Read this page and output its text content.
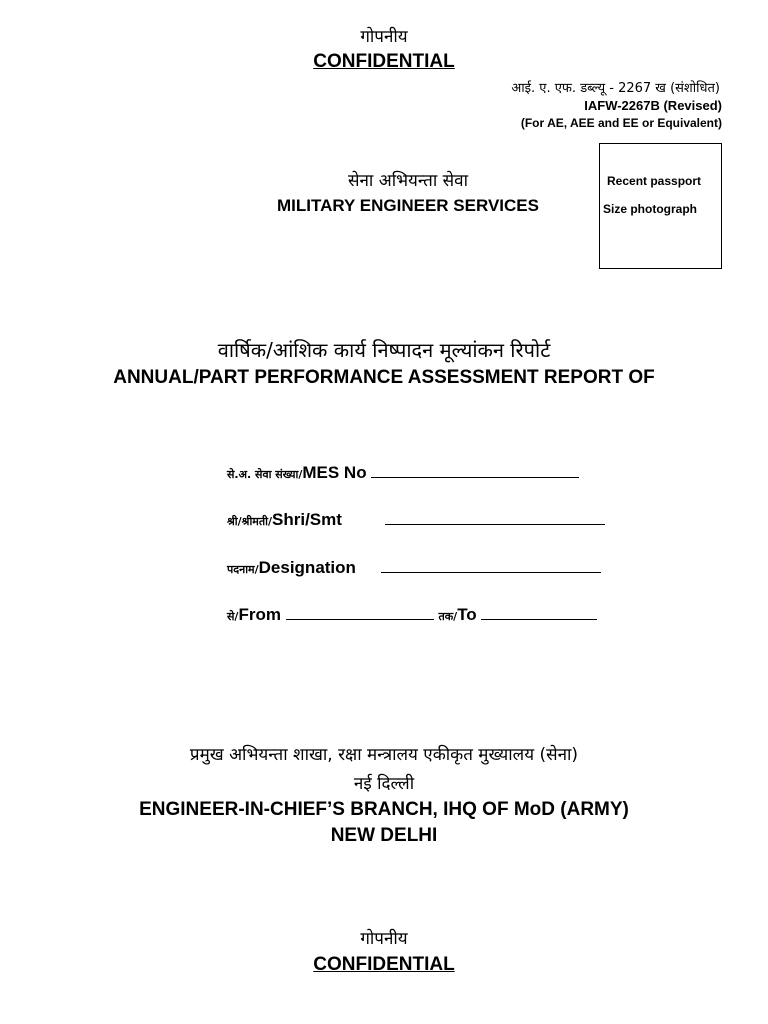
गोपनीय
CONFIDENTIAL
आई. ए. एफ. डब्ल्यू - 2267 ख (संशोधित)
IAFW-2267B (Revised)
(For AE, AEE and EE or Equivalent)
सेना अभियन्ता सेवा
MILITARY ENGINEER SERVICES
Recent passport
Size photograph
वार्षिक/आंशिक कार्य निष्पादन मूल्यांकन रिपोर्ट
ANNUAL/PART PERFORMANCE ASSESSMENT REPORT OF
से.अ. सेवा संख्या/MES No
श्री/श्रीमती/Shri/Smt
पदनाम/Designation
से/From	तक/To
प्रमुख अभियन्ता शाखा, रक्षा मन्त्रालय एकीकृत मुख्यालय (सेना)
नई दिल्ली
ENGINEER-IN-CHIEF’S BRANCH, IHQ OF MoD (ARMY)
NEW DELHI
गोपनीय
CONFIDENTIAL
